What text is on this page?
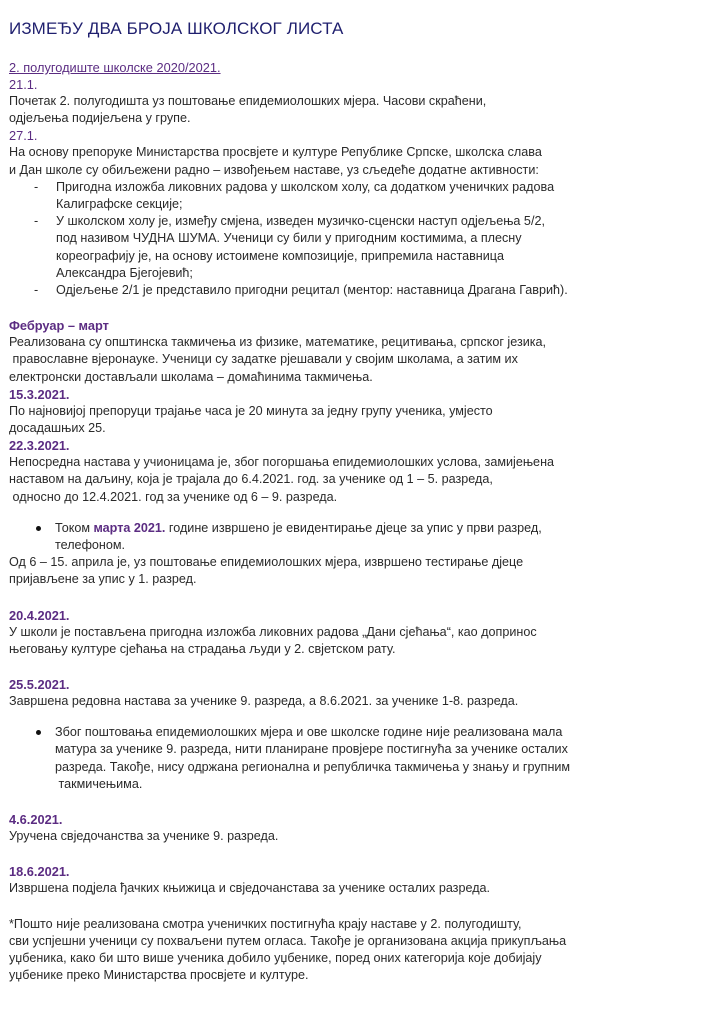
ИЗМЕЂУ ДВА БРОЈА ШКОЛСКОГ ЛИСТА

2. полугодиште школске 2020/2021.

21.1.

Почетак 2. полугодишта уз поштовање епидемиолошких мјера. Часови скраћени,

одјељења подијељена у групе.

27.1.

На основу препоруке Министарства просвјете и културе Републике Српске, школска слава

и Дан школе су обиљежени радно – извођењем наставе, уз сљедеће додатне активности:

- Пригодна изложба ликовних радова у школском холу, са додатком ученичких радова
Калиграфске секције;
- У школском холу је, између смјена, изведен музичко-сценски наступ одјељења 5/2,
под називом ЧУДНА ШУМА. Ученици су били у пригодним костимима, а плесну
кореографију је, на основу истоимене композиције, припремила наставница
Александра Бјегојевић;
- Одјељење 2/1 је представило пригодни рецитал (ментор: наставница Драгана Гаврић).

Фебруар – март

Реализована су општинска такмичења из физике, математике, рецитивања, српског језика,

православне вјеронауке. Ученици су задатке рјешавали у својим школама, а затим их

електронски достављали школама – домаћинима такмичења.

15.3.2021.

По најновијој препоруци трајање часа је 20 минута за једну групу ученика, умјесто

досадашњих 25.

22.3.2021.

Непосредна настава у учионицама је, због погоршања епидемиолошких услова, замијењена

наставом на даљину, која је трајала до 6.4.2021. год. за ученике од 1 – 5. разреда,

односно до 12.4.2021. год за ученике од 6 – 9. разреда.

Током марта 2021. године извршено је евидентирање дјеце за упис у први разред,
телефоном.

Од 6 – 15. априла је, уз поштовање епидемиолошких мјера, извршено тестирање дјеце

пријављене за упис у 1. разред.

20.4.2021.

У школи је постављена пригодна изложба ликовних радова „Дани сјећања“, као допринос

његовању културе сјећања на страдања људи у 2. свјетском рату.

25.5.2021.

Завршена редовна настава за ученике 9. разреда, а 8.6.2021. за ученике 1-8. разреда.

Због поштовања епидемиолошких мјера и ове школске године није реализована мала
матура за ученике 9. разреда, нити планиране провјере постигнућа за ученике осталих
разреда. Такође, нису одржана регионална и републичка такмичења у знању и групним
такмичењима.

4.6.2021.

Уручена свједочанства за ученике 9. разреда.

18.6.2021.

Извршена подјела ђачких књижица и свједочанстава за ученике осталих разреда.

*Пошто није реализована смотра ученичких постигнућа крају наставе у 2. полугодишту,

сви успјешни ученици су похваљени путем огласа. Такође је организована акција прикупљања

уџбеника, како би што више ученика добило уџбенике, поред оних категорија које добијају

уџбенике преко Министарства просвјете и културе.
